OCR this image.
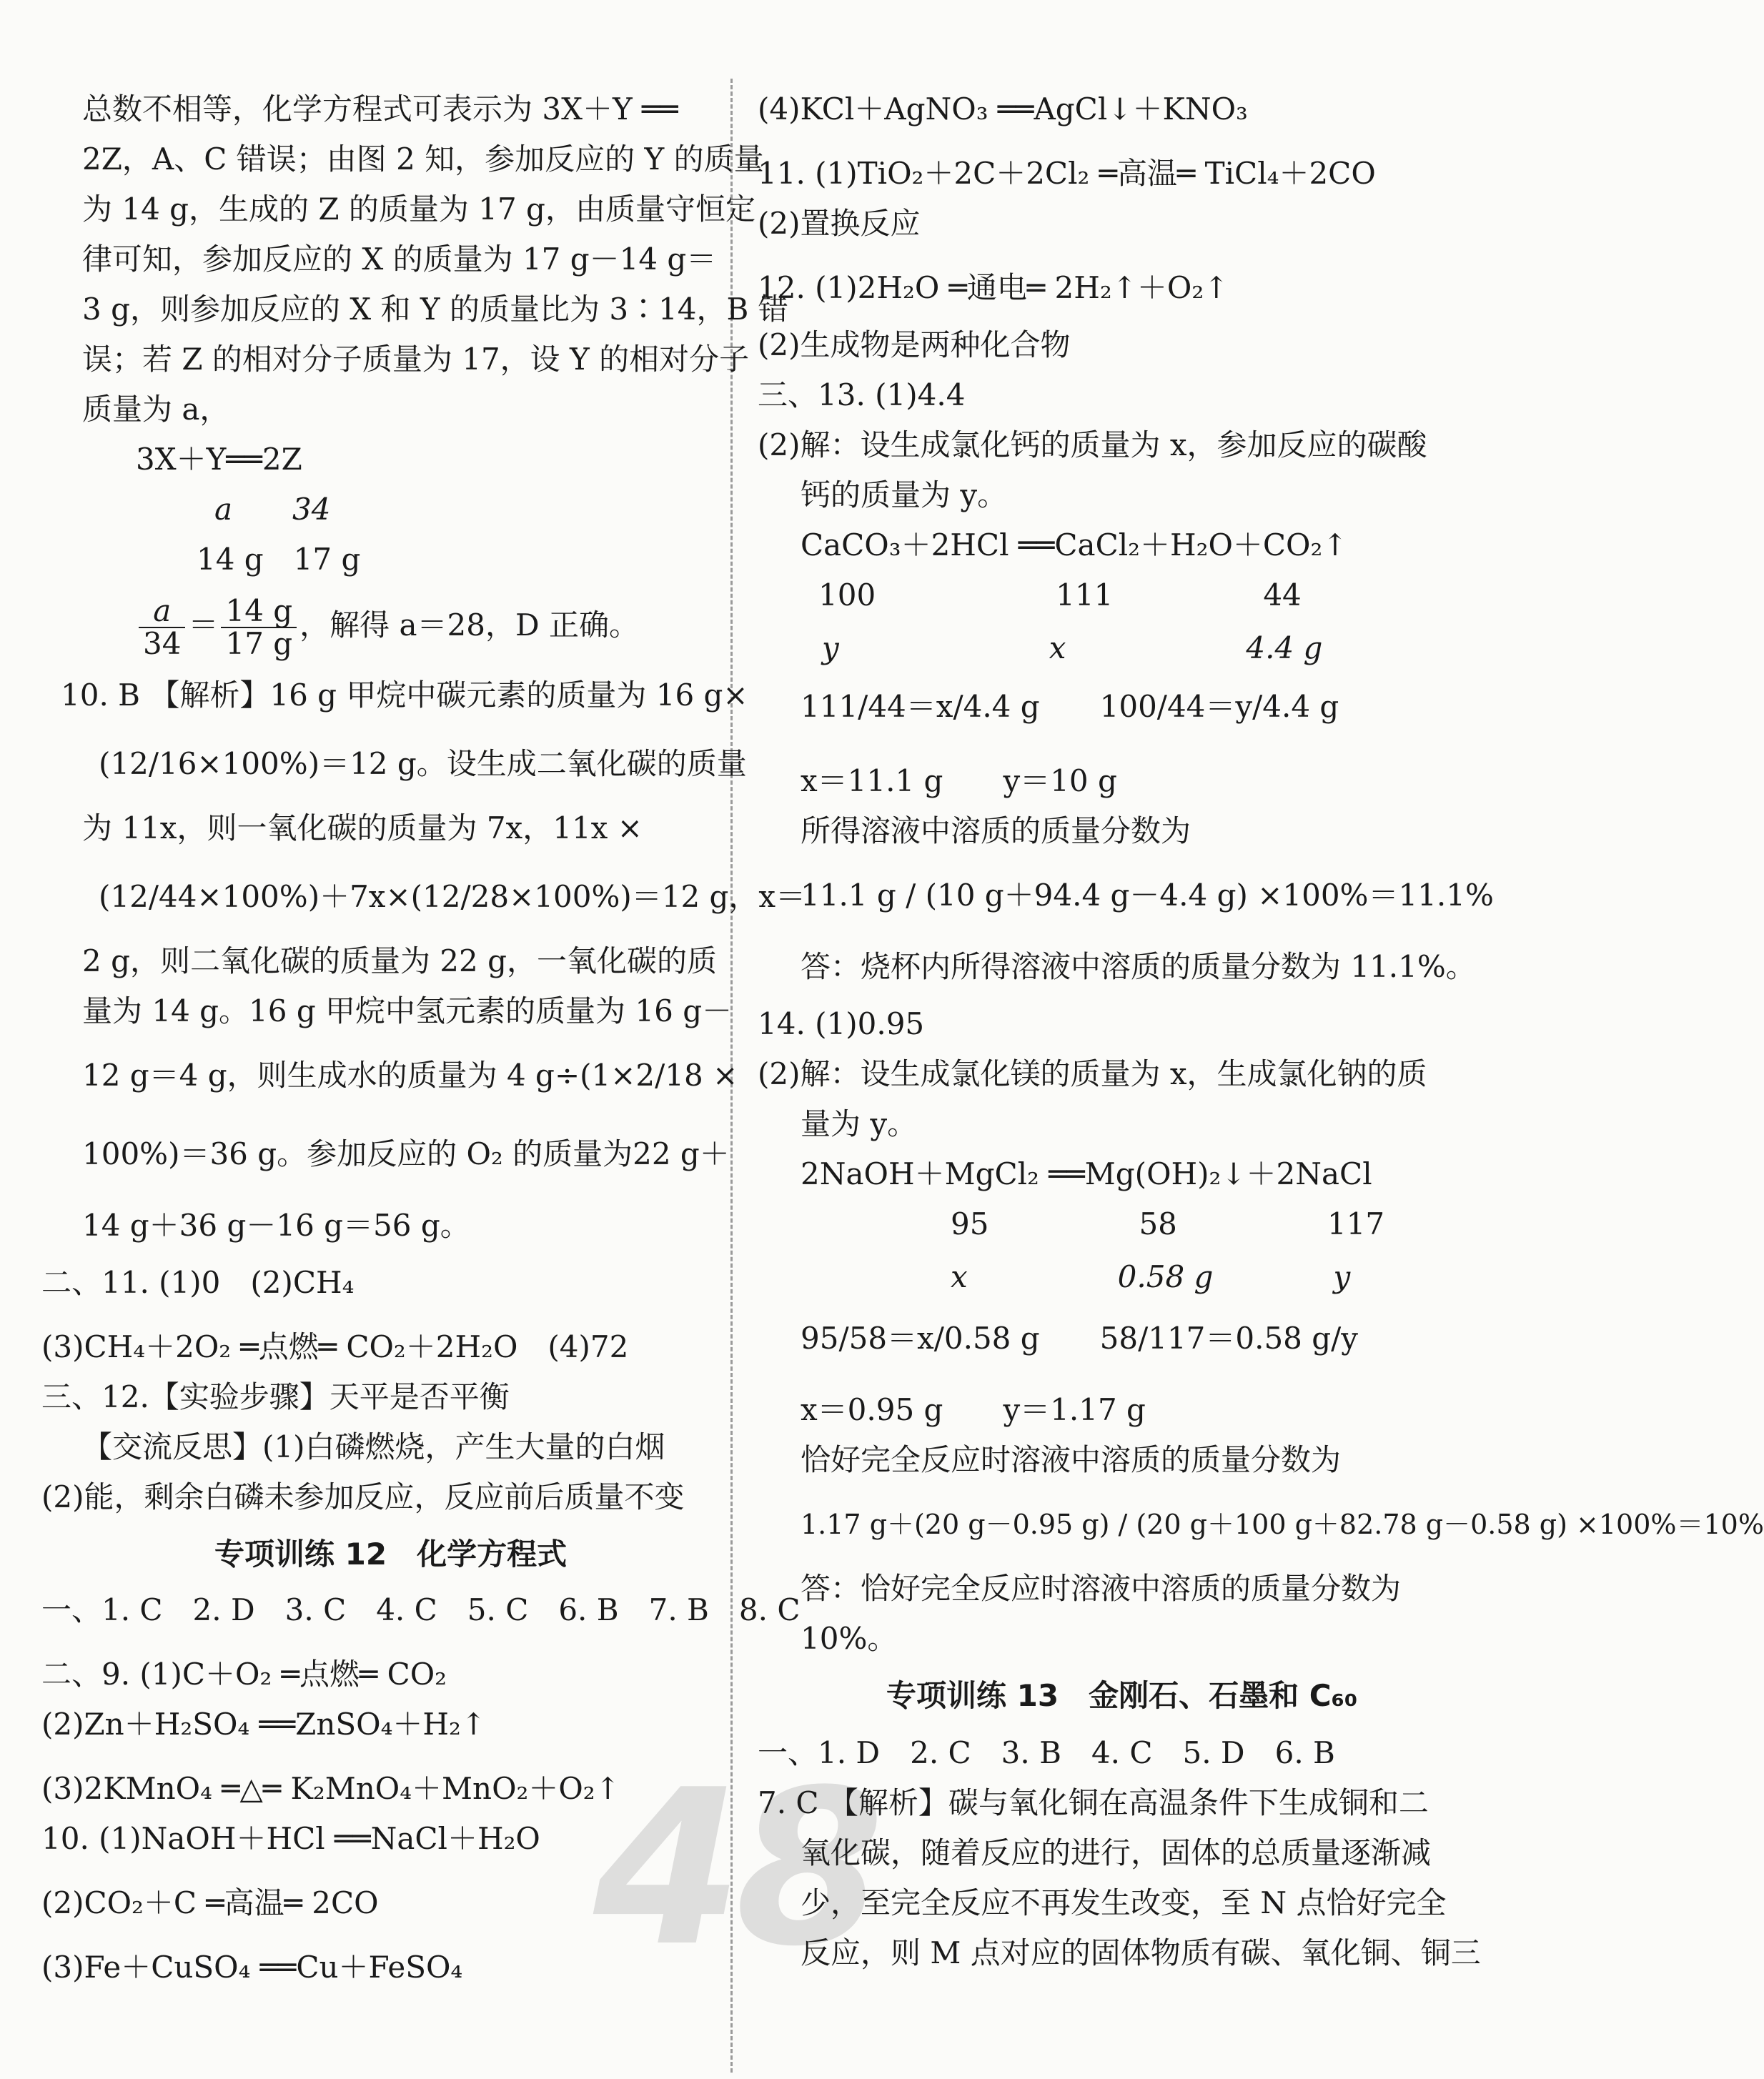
48
总数不相等，化学方程式可表示为 3X＋Y ══
2Z，A、C 错误；由图 2 知，参加反应的 Y 的质量
为 14 g，生成的 Z 的质量为 17 g，由质量守恒定
律可知，参加反应的 X 的质量为 17 g－14 g＝
3 g，则参加反应的 X 和 Y 的质量比为 3∶14，B 错
误；若 Z 的相对分子质量为 17，设 Y 的相对分子
质量为 a，
3X＋Y══2Z
a　　34
14 g　17 g
$\frac{a}{34} = \frac{14 g}{17 g}$ ，解得 a＝28，D 正确。
10. B 【解析】16 g 甲烷中碳元素的质量为 16 g×
(12/16×100%)＝12 g。设生成二氧化碳的质量
为 11x，则一氧化碳的质量为 7x，11x ×
(12/44×100%)＋7x×(12/28×100%)＝12 g，x＝
2 g，则二氧化碳的质量为 22 g，一氧化碳的质
量为 14 g。16 g 甲烷中氢元素的质量为 16 g－
12 g＝4 g，则生成水的质量为 4 g÷(1×2/18 ×
100%)＝36 g。参加反应的 O₂ 的质量为22 g＋
14 g＋36 g－16 g＝56 g。
二、11. (1)0　(2)CH₄
(3)CH₄＋2O₂ ═点燃═ CO₂＋2H₂O　(4)72
三、12.【实验步骤】天平是否平衡
【交流反思】(1)白磷燃烧，产生大量的白烟
(2)能，剩余白磷未参加反应，反应前后质量不变
专项训练 12　化学方程式
一、1. C　2. D　3. C　4. C　5. C　6. B　7. B　8. C
二、9. (1)C＋O₂ ═点燃═ CO₂
(2)Zn＋H₂SO₄ ══ZnSO₄＋H₂↑
(3)2KMnO₄ ═△═ K₂MnO₄＋MnO₂＋O₂↑
10. (1)NaOH＋HCl ══NaCl＋H₂O
(2)CO₂＋C ═高温═ 2CO
(3)Fe＋CuSO₄ ══Cu＋FeSO₄
(4)KCl＋AgNO₃ ══AgCl↓＋KNO₃
11. (1)TiO₂＋2C＋2Cl₂ ═高温═ TiCl₄＋2CO
(2)置换反应
12. (1)2H₂O ═通电═ 2H₂↑＋O₂↑
(2)生成物是两种化合物
三、13. (1)4.4
(2)解：设生成氯化钙的质量为 x，参加反应的碳酸
钙的质量为 y。
CaCO₃＋2HCl ══CaCl₂＋H₂O＋CO₂↑
100　　　　　　111　　　　　44
y　　　　　　　x　　　　　　4.4 g
111/44＝x/4.4 g　　100/44＝y/4.4 g
x＝11.1 g　　y＝10 g
所得溶液中溶质的质量分数为
11.1 g / (10 g＋94.4 g－4.4 g) ×100%＝11.1%
答：烧杯内所得溶液中溶质的质量分数为 11.1%。
14. (1)0.95
(2)解：设生成氯化镁的质量为 x，生成氯化钠的质
量为 y。
2NaOH＋MgCl₂ ══Mg(OH)₂↓＋2NaCl
95　　　　　58　　　　　117
x　　　　　0.58 g　　　　y
95/58＝x/0.58 g　　58/117＝0.58 g/y
x＝0.95 g　　y＝1.17 g
恰好完全反应时溶液中溶质的质量分数为
1.17 g＋(20 g－0.95 g) / (20 g＋100 g＋82.78 g－0.58 g) ×100%＝10%
答：恰好完全反应时溶液中溶质的质量分数为
10%。
专项训练 13　金刚石、石墨和 C₆₀
一、1. D　2. C　3. B　4. C　5. D　6. B
7. C 【解析】碳与氧化铜在高温条件下生成铜和二
氧化碳，随着反应的进行，固体的总质量逐渐减
少，至完全反应不再发生改变，至 N 点恰好完全
反应，则 M 点对应的固体物质有碳、氧化铜、铜三
